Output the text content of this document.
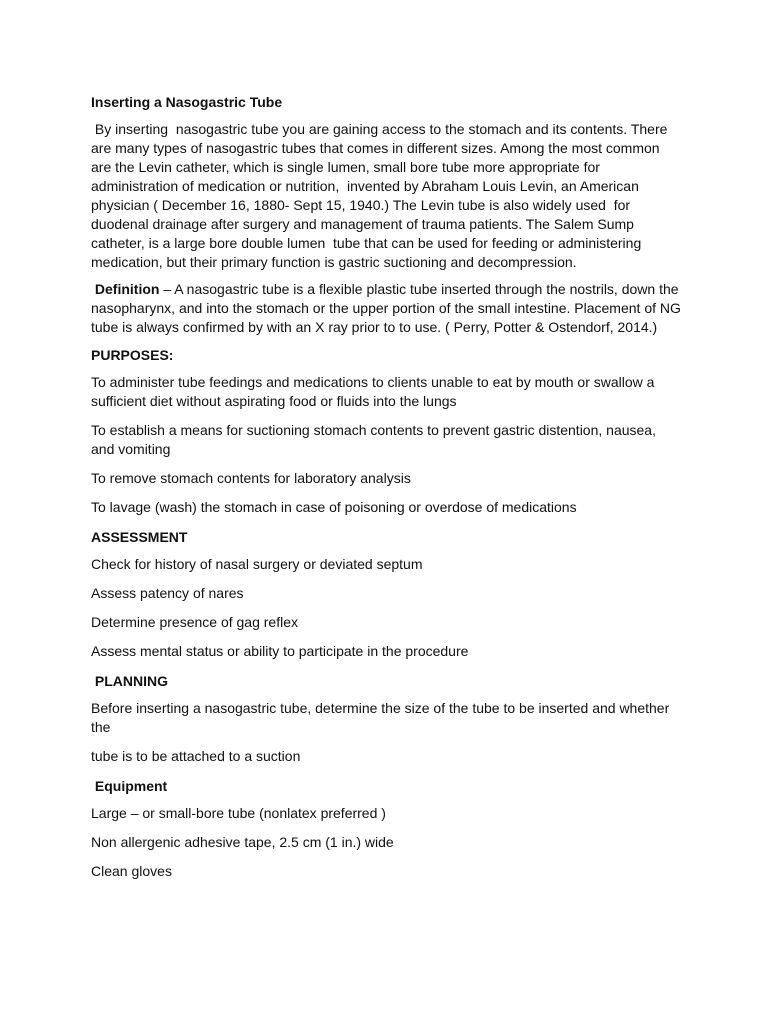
Inserting a Nasogastric Tube

By inserting  nasogastric tube you are gaining access to the stomach and its contents. There are many types of nasogastric tubes that comes in different sizes. Among the most common are the Levin catheter, which is single lumen, small bore tube more appropriate for administration of medication or nutrition,  invented by Abraham Louis Levin, an American physician ( December 16, 1880- Sept 15, 1940.) The Levin tube is also widely used  for duodenal drainage after surgery and management of trauma patients. The Salem Sump catheter, is a large bore double lumen  tube that can be used for feeding or administering medication, but their primary function is gastric suctioning and decompression.

Definition – A nasogastric tube is a flexible plastic tube inserted through the nostrils, down the nasopharynx, and into the stomach or the upper portion of the small intestine. Placement of NG tube is always confirmed by with an X ray prior to to use. ( Perry, Potter & Ostendorf, 2014.)

PURPOSES:

To administer tube feedings and medications to clients unable to eat by mouth or swallow a sufficient diet without aspirating food or fluids into the lungs

To establish a means for suctioning stomach contents to prevent gastric distention, nausea, and vomiting

To remove stomach contents for laboratory analysis

To lavage (wash) the stomach in case of poisoning or overdose of medications

ASSESSMENT

Check for history of nasal surgery or deviated septum

Assess patency of nares

Determine presence of gag reflex

Assess mental status or ability to participate in the procedure

PLANNING

Before inserting a nasogastric tube, determine the size of the tube to be inserted and whether the

tube is to be attached to a suction

Equipment

Large – or small-bore tube (nonlatex preferred )

Non allergenic adhesive tape, 2.5 cm (1 in.) wide

Clean gloves
